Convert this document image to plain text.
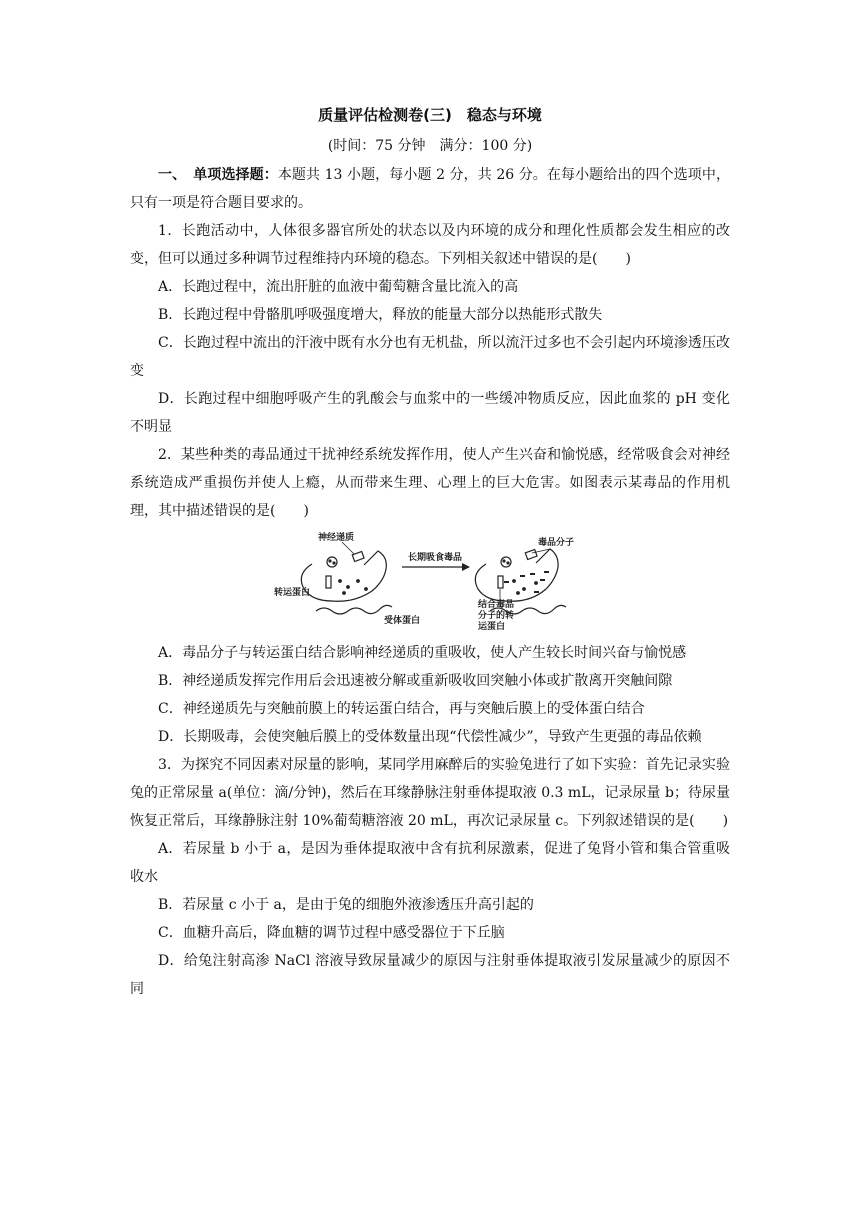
质量评估检测卷(三)　稳态与环境
(时间：75 分钟　满分：100 分)

一、　单项选择题：本题共 13 小题，每小题 2 分，共 26 分。在每小题给出的四个选项中，只有一项是符合题目要求的。

1．长跑活动中，人体很多器官所处的状态以及内环境的成分和理化性质都会发生相应的改变，但可以通过多种调节过程维持内环境的稳态。下列相关叙述中错误的是(　　)

A．长跑过程中，流出肝脏的血液中葡萄糖含量比流入的高

B．长跑过程中骨骼肌呼吸强度增大，释放的能量大部分以热能形式散失

C．长跑过程中流出的汗液中既有水分也有无机盐，所以流汗过多也不会引起内环境渗透压改变

D．长跑过程中细胞呼吸产生的乳酸会与血浆中的一些缓冲物质反应，因此血浆的 pH 变化不明显

2．某些种类的毒品通过干扰神经系统发挥作用，使人产生兴奋和愉悦感，经常吸食会对神经系统造成严重损伤并使人上瘾，从而带来生理、心理上的巨大危害。如图表示某毒品的作用机理，其中描述错误的是(　　)

神经递质
转运蛋白
受体蛋白
长期吸食毒品
毒品分子
结合毒品
分子的转
运蛋白

A．毒品分子与转运蛋白结合影响神经递质的重吸收，使人产生较长时间兴奋与愉悦感

B．神经递质发挥完作用后会迅速被分解或重新吸收回突触小体或扩散离开突触间隙

C．神经递质先与突触前膜上的转运蛋白结合，再与突触后膜上的受体蛋白结合

D．长期吸毒，会使突触后膜上的受体数量出现“代偿性减少”，导致产生更强的毒品依赖

3．为探究不同因素对尿量的影响，某同学用麻醉后的实验兔进行了如下实验：首先记录实验兔的正常尿量 a(单位：滴/分钟)，然后在耳缘静脉注射垂体提取液 0.3 mL，记录尿量 b；待尿量恢复正常后，耳缘静脉注射 10%葡萄糖溶液 20 mL，再次记录尿量 c。下列叙述错误的是(　　)

A．若尿量 b 小于 a，是因为垂体提取液中含有抗利尿激素，促进了兔肾小管和集合管重吸收水

B．若尿量 c 小于 a，是由于兔的细胞外液渗透压升高引起的

C．血糖升高后，降血糖的调节过程中感受器位于下丘脑

D．给兔注射高渗 NaCl 溶液导致尿量减少的原因与注射垂体提取液引发尿量减少的原因不同
